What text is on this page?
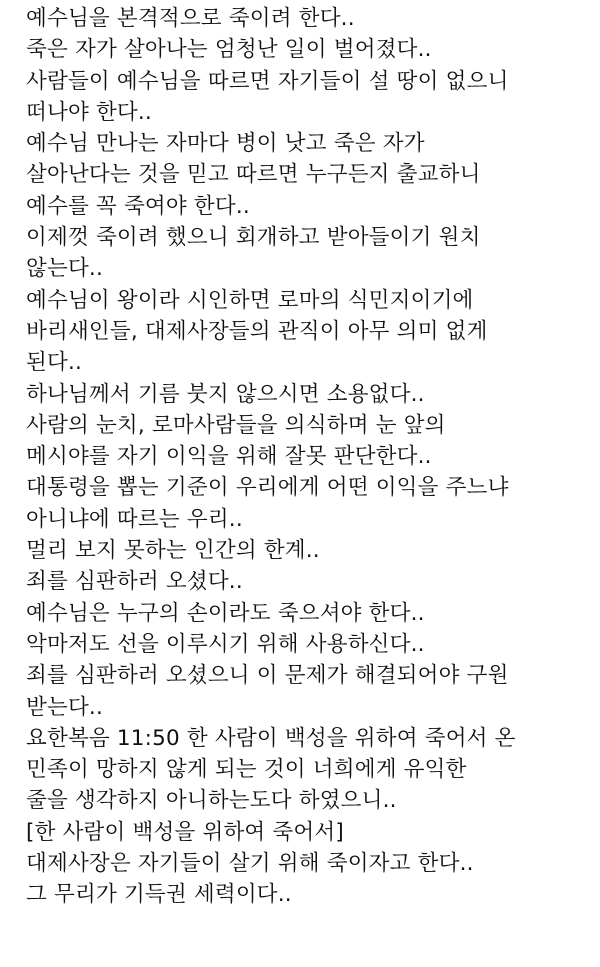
예수님을 본격적으로 죽이려 한다..
죽은 자가 살아나는 엄청난 일이 벌어졌다..
사람들이 예수님을 따르면 자기들이 설 땅이 없으니
떠나야 한다..
예수님 만나는 자마다 병이 낫고 죽은 자가
살아난다는 것을 믿고 따르면 누구든지 출교하니
예수를 꼭 죽여야 한다..
이제껏 죽이려 했으니 회개하고 받아들이기 원치
않는다..
예수님이 왕이라 시인하면 로마의 식민지이기에
바리새인들, 대제사장들의 관직이 아무 의미 없게
된다..
하나님께서 기름 붓지 않으시면 소용없다..
사람의 눈치, 로마사람들을 의식하며 눈 앞의
메시야를 자기 이익을 위해 잘못 판단한다..
대통령을 뽑는 기준이 우리에게 어떤 이익을 주느냐
아니냐에 따르는 우리..
멀리 보지 못하는 인간의 한계..
죄를 심판하러 오셨다..
예수님은 누구의 손이라도 죽으셔야 한다..
악마저도 선을 이루시기 위해 사용하신다..
죄를 심판하러 오셨으니 이 문제가 해결되어야 구원
받는다..
요한복음 11:50 한 사람이 백성을 위하여 죽어서 온
민족이 망하지 않게 되는 것이 너희에게 유익한
줄을 생각하지 아니하는도다 하였으니..
[한 사람이 백성을 위하여 죽어서]
대제사장은 자기들이 살기 위해 죽이자고 한다..
그 무리가 기득권 세력이다..
